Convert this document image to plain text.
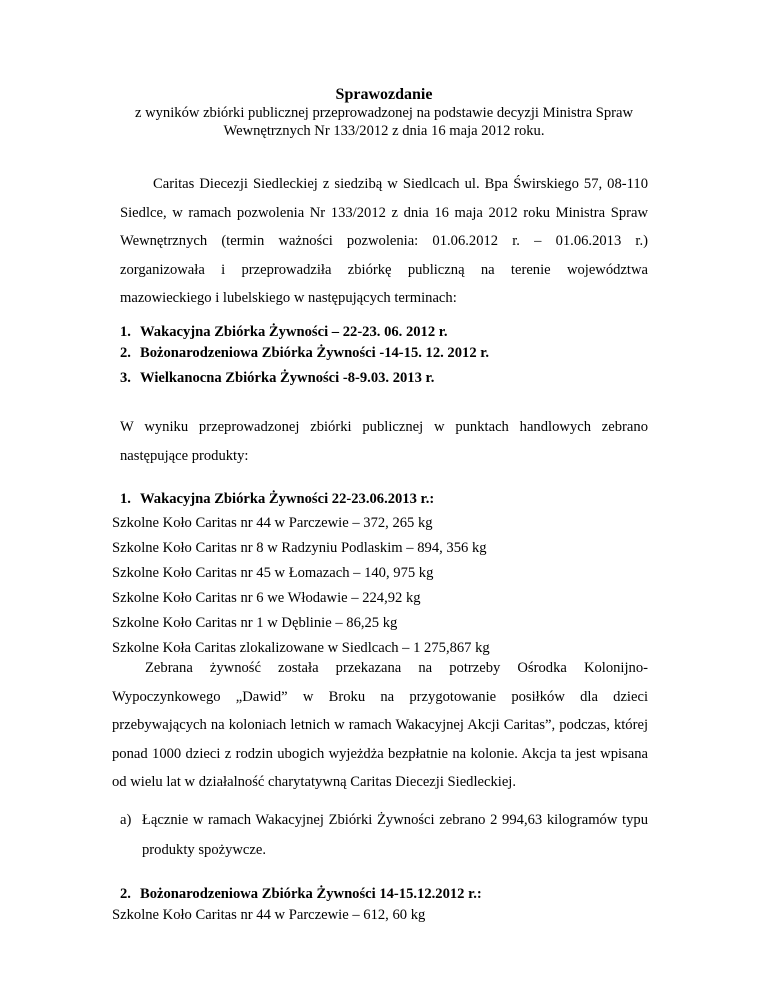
Sprawozdanie
z wyników zbiórki publicznej przeprowadzonej na podstawie decyzji Ministra Spraw
Wewnętrznych Nr 133/2012 z dnia 16 maja 2012 roku.
Caritas Diecezji Siedleckiej z siedzibą w Siedlcach ul. Bpa Świrskiego 57, 08-110 Siedlce, w ramach pozwolenia Nr 133/2012 z dnia 16 maja 2012 roku Ministra Spraw Wewnętrznych (termin ważności pozwolenia: 01.06.2012 r. – 01.06.2013 r.) zorganizowała i przeprowadziła zbiórkę publiczną na terenie województwa mazowieckiego i lubelskiego w następujących terminach:
1. Wakacyjna Zbiórka Żywności – 22-23. 06. 2012 r.
2. Bożonarodzeniowa Zbiórka Żywności -14-15. 12. 2012 r.
3. Wielkanocna Zbiórka Żywności -8-9.03. 2013 r.
W wyniku przeprowadzonej zbiórki publicznej w punktach handlowych zebrano następujące produkty:
1. Wakacyjna Zbiórka Żywności 22-23.06.2013 r.:
Szkolne Koło Caritas nr 44 w Parczewie – 372, 265 kg
Szkolne Koło Caritas nr 8 w Radzyniu Podlaskim – 894, 356 kg
Szkolne Koło Caritas nr 45 w Łomazach – 140, 975 kg
Szkolne Koło Caritas nr 6 we Włodawie – 224,92 kg
Szkolne Koło Caritas nr 1 w Dęblinie – 86,25 kg
Szkolne Koła Caritas zlokalizowane w Siedlcach – 1 275,867 kg
Zebrana żywność została przekazana na potrzeby Ośrodka Kolonijno- Wypoczynkowego „Dawid” w Broku na przygotowanie posiłków dla dzieci przebywających na koloniach letnich w ramach Wakacyjnej Akcji Caritas”, podczas, której ponad 1000 dzieci z rodzin ubogich wyjeżdża bezpłatnie na kolonie. Akcja ta jest wpisana od wielu lat w działalność charytatywną Caritas Diecezji Siedleckiej.
a) Łącznie w ramach Wakacyjnej Zbiórki Żywności zebrano 2 994,63 kilogramów typu produkty spożywcze.
2. Bożonarodzeniowa Zbiórka Żywności 14-15.12.2012 r.:
Szkolne Koło Caritas nr 44 w Parczewie – 612, 60 kg
